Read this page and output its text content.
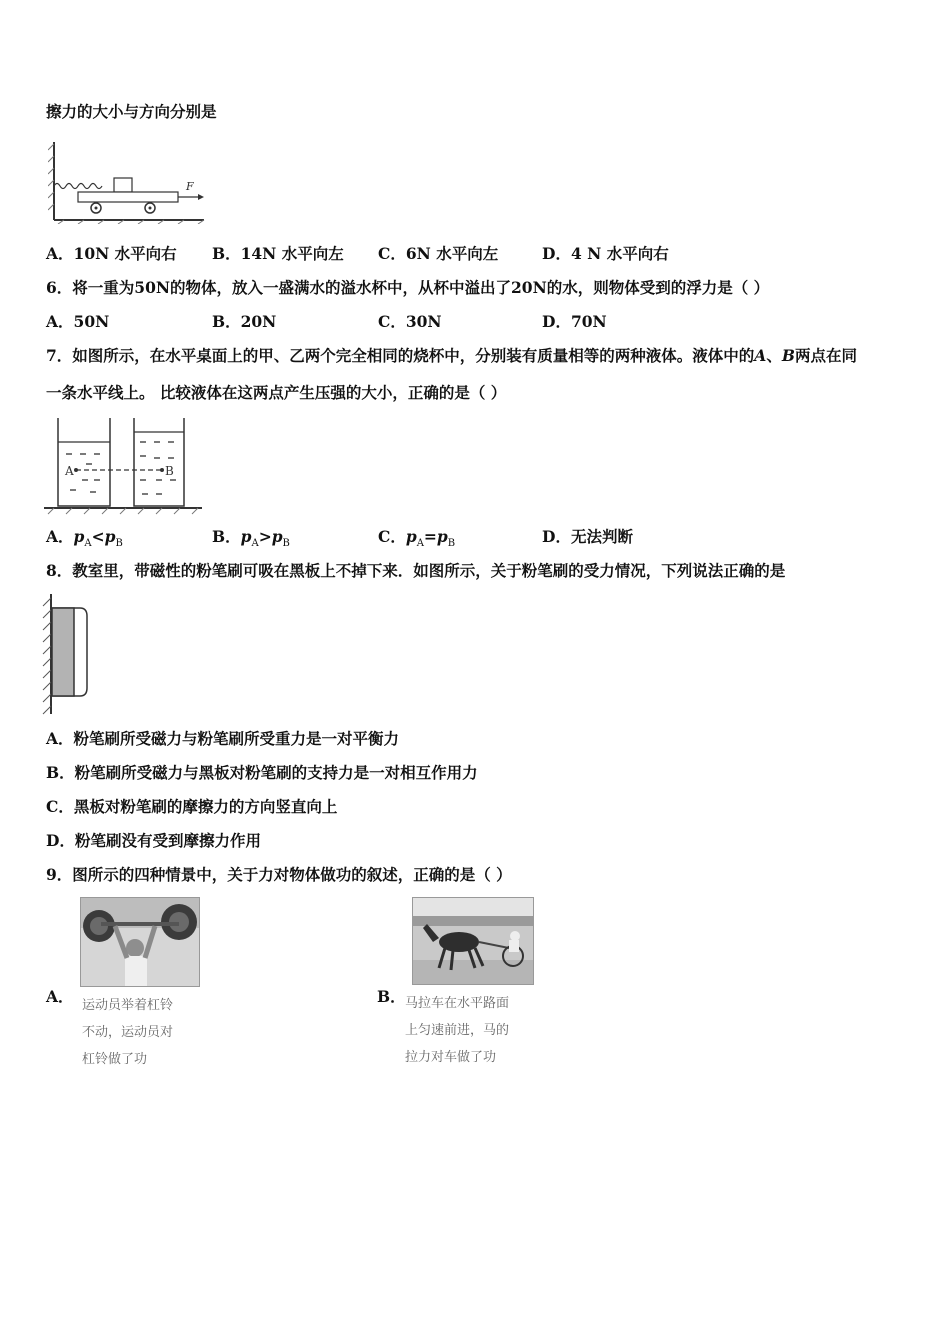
擦力的大小与方向分别是
F
A．10N 水平向右 B．14N 水平向左 C．6N 水平向左	D．4 N 水平向右
6．将一重为50N的物体，放入一盛满水的溢水杯中，从杯中溢出了20N的水，则物体受到的浮力是（ ）
A．50N	B．20N	C．30N	D．70N
7．如图所示，在水平桌面上的甲、乙两个完全相同的烧杯中，分别装有质量相等的两种液体。液体中的A、B两点在同
一条水平线上。 比较液体在这两点产生压强的大小，正确的是（ ）
A	B
A．$p_A<p_B$	B．$p_A>p_B$	C．$p_A=p_B$	D．无法判断
8．教室里，带磁性的粉笔刷可吸在黑板上不掉下来．如图所示，关于粉笔刷的受力情况，下列说法正确的是
A．粉笔刷所受磁力与粉笔刷所受重力是一对平衡力
B．粉笔刷所受磁力与黑板对粉笔刷的支持力是一对相互作用力
C．黑板对粉笔刷的摩擦力的方向竖直向上
D．粉笔刷没有受到摩擦力作用
9．图所示的四种情景中，关于力对物体做功的叙述，正确的是（ ）
A． 运动员举着杠铃
不动，运动员对
杠铃做了功
B． 马拉车在水平路面
上匀速前进，马的
拉力对车做了功
